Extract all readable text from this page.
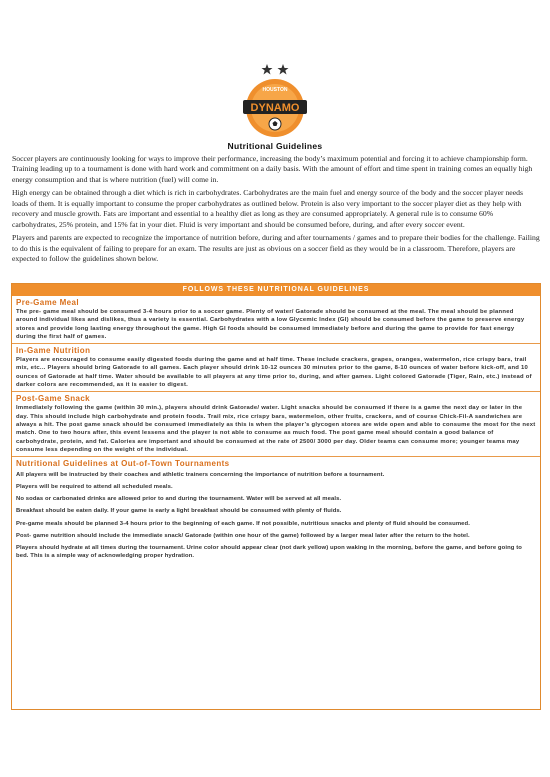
HOUSTON
DYNAMO
Nutritional Guidelines

Soccer players are continuously looking for ways to improve their performance, increasing the body’s maximum potential and forcing it to achieve championship form. Training leading up to a tournament is done with hard work and commitment on a daily basis. With the amount of effort and time spent in training comes an equally high energy consumption and that is where nutrition (fuel) will come in.

High energy can be obtained through a diet which is rich in carbohydrates. Carbohydrates are the main fuel and energy source of the body and the soccer player needs loads of them. It is equally important to consume the proper carbohydrates as outlined below. Protein is also very important to the soccer player diet as they help with recovery and muscle growth. Fats are important and essential to a healthy diet as long as they are consumed appropriately. A general rule is to consume 60% carbohydrates, 25% protein, and 15% fat in your diet. Fluid is very important and should be consumed before, during, and after every soccer event.

Players and parents are expected to recognize the importance of nutrition before, during and after tournaments / games and to prepare their bodies for the challenge. Failing to do this is the equivalent of failing to prepare for an exam. The results are just as obvious on a soccer field as they would be in a classroom. Therefore, players are expected to follow the guidelines shown below.

FOLLOWS THESE NUTRITIONAL GUIDELINES
Pre-Game Meal
The pre- game meal should be consumed 3-4 hours prior to a soccer game. Plenty of water/ Gatorade should be consumed at the meal. The meal should be planned around individual likes and dislikes, thus a variety is essential. Carbohydrates with a low Glycemic Index (GI) should be consumed before the game to preserve energy stores and provide long lasting energy throughout the game. High GI foods should be consumed immediately before and during the game to provide for fast energy during the first half of games.
In-Game Nutrition
Players are encouraged to consume easily digested foods during the game and at half time. These include crackers, grapes, oranges, watermelon, rice crispy bars, trail mix, etc... Players should bring Gatorade to all games. Each player should drink 10-12 ounces 30 minutes prior to the game, 8-10 ounces of water before kick-off, and 10 ounces of Gatorade at half time. Water should be available to all players at any time prior to, during, and after games. Light colored Gatorade (Tiger, Rain, etc.) instead of darker colors are recommended, as it is easier to digest.
Post-Game Snack
Immediately following the game (within 30 min.), players should drink Gatorade/ water. Light snacks should be consumed if there is a game the next day or later in the day. This should include high carbohydrate and protein foods. Trail mix, rice crispy bars, watermelon, other fruits, crackers, and of course Chick-Fil-A sandwiches are always a hit. The post game snack should be consumed immediately as this is when the player’s glycogen stores are wide open and able to consume the most for the next match. One to two hours after, this event lessens and the player is not able to consume as much food. The post game meal should contain a good balance of carbohydrate, protein, and fat. Calories are important and should be consumed at the rate of 2500/ 3000 per day. Older teams can consume more; younger teams may consume less depending on the weight of the individual.
Nutritional Guidelines at Out-of-Town Tournaments

All players will be instructed by their coaches and athletic trainers concerning the importance of nutrition before a tournament.

Players will be required to attend all scheduled meals.

No sodas or carbonated drinks are allowed prior to and during the tournament. Water will be served at all meals.

Breakfast should be eaten daily. If your game is early a light breakfast should be consumed with plenty of fluids.

Pre-game meals should be planned 3-4 hours prior to the beginning of each game. If not possible, nutritious snacks and plenty of fluid should be consumed.

Post- game nutrition should include the immediate snack/ Gatorade (within one hour of the game) followed by a larger meal later after the return to the hotel.

Players should hydrate at all times during the tournament. Urine color should appear clear (not dark yellow) upon waking in the morning, before the game, and before going to bed. This is a simple way of acknowledging proper hydration.
